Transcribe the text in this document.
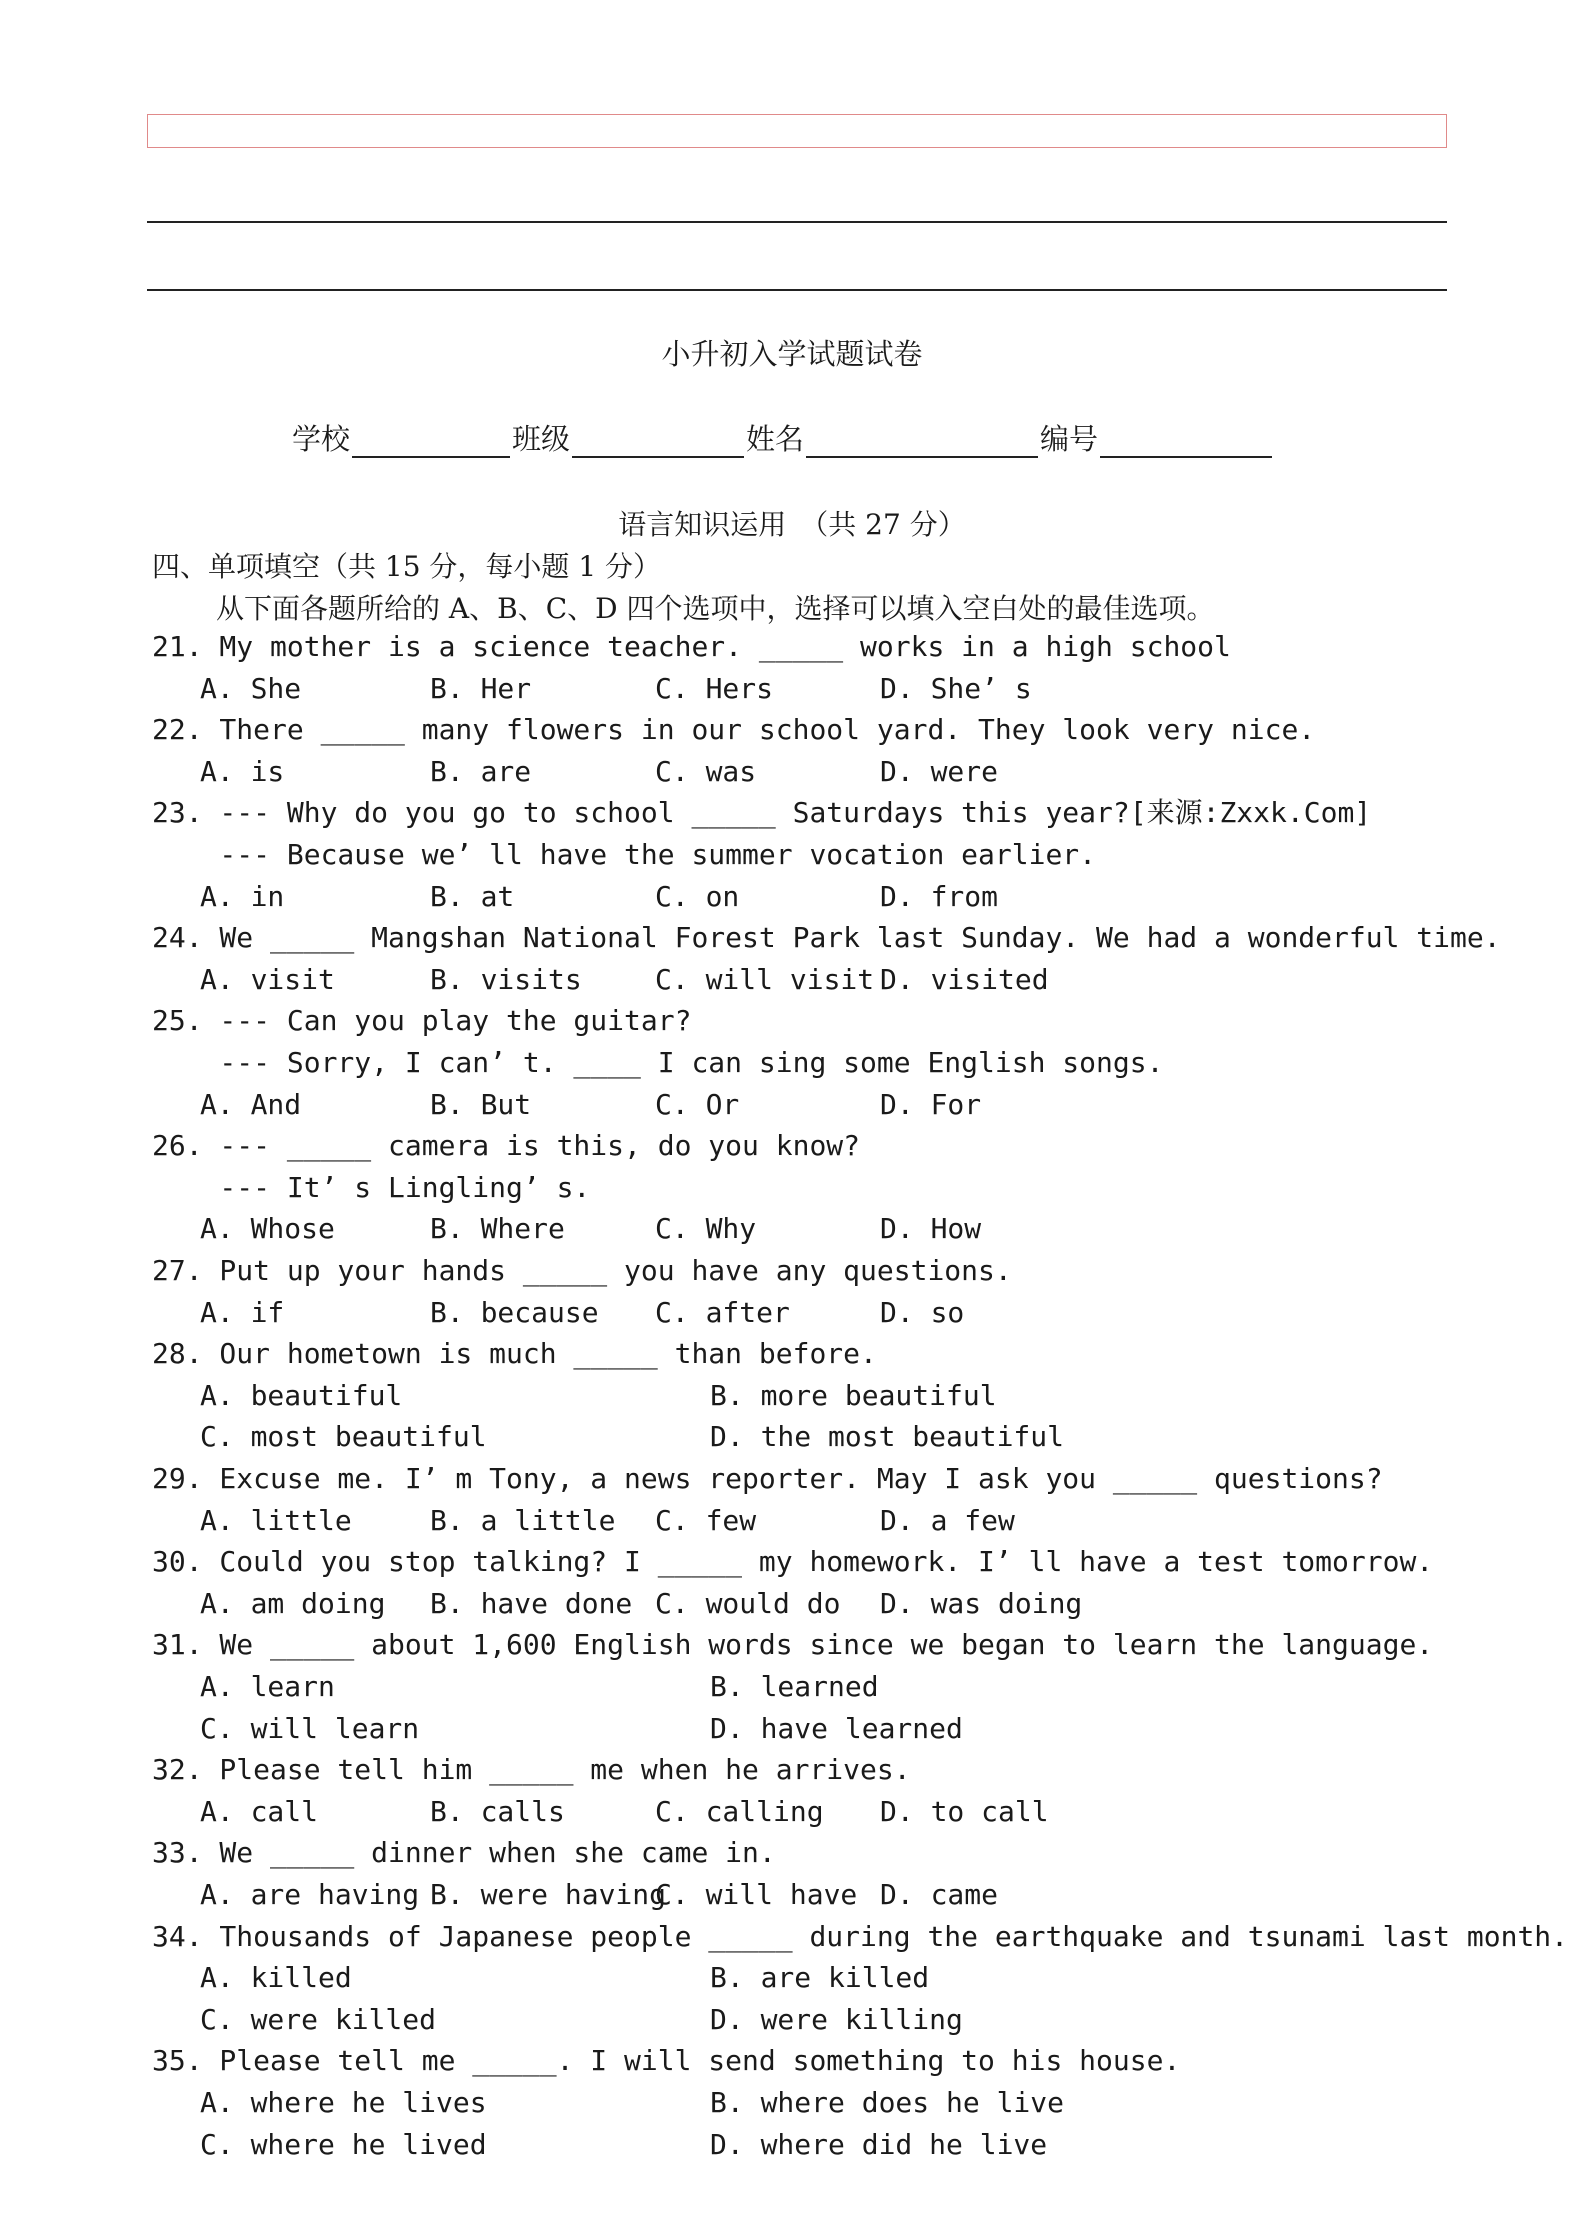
小升初入学试题试卷
学校	班级	姓名	编号
语言知识运用　（共 27 分）
四、单项填空（共 15 分，每小题 1 分）
从下面各题所给的 A、B、C、D 四个选项中，选择可以填入空白处的最佳选项。
21. My mother is a science teacher. _____ works in a high school
A. She	B. Her	C. Hers	D. She’ s
22. There _____ many flowers in our school yard. They look very nice.
A. is	B. are	C. was	D. were
23. --- Why do you go to school _____ Saturdays this year?[来源:Zxxk.Com]
--- Because we’ ll have the summer vocation earlier.
A. in	B. at	C. on	D. from
24. We _____ Mangshan National Forest Park last Sunday. We had a wonderful time.
A. visit	B. visits	C. will visit D. visited
25. --- Can you play the guitar?
--- Sorry, I can’ t. ____ I can sing some English songs.
A. And	B. But	C. Or	D. For
26. --- _____ camera is this, do you know?
--- It’ s Lingling’ s.
A. Whose	B. Where	C. Why	D. How
27. Put up your hands _____ you have any questions.
A. if	B. because C. after	D. so
28. Our hometown is much _____ than before.
A. beautiful	B. more beautiful
C. most beautiful	D. the most beautiful
29. Excuse me. I’ m Tony, a news reporter. May I ask you _____ questions?
A. little	B. a little C. few	D. a few
30. Could you stop talking? I _____ my homework. I’ ll have a test tomorrow.
A. am doing B. have done C. would do D. was doing
31. We _____ about 1,600 English words since we began to learn the language.
A. learn	B. learned
C. will learn	D. have learned
32. Please tell him _____ me when he arrives.
A. call	B. calls	C. calling D. to call
33. We _____ dinner when she came in.
A. are having B. were having
C. will have D. came
34. Thousands of Japanese people _____ during the earthquake and tsunami last month.
A. killed	B. are killed
C. were killed	D. were killing
35. Please tell me _____. I will send something to his house.
A. where he lives	B. where does he live
C. where he lived	D. where did he live
